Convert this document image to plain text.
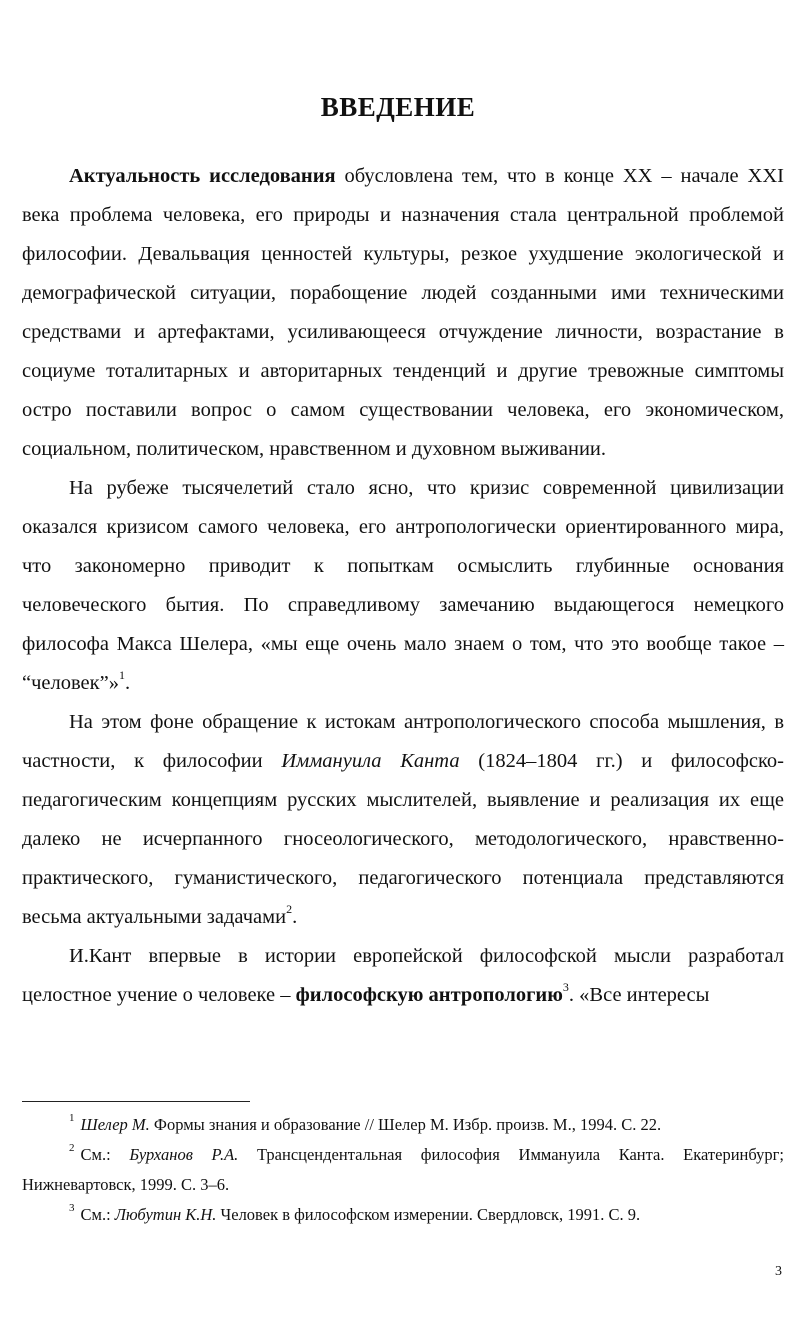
ВВЕДЕНИЕ

Актуальность исследования обусловлена тем, что в конце XX – начале XXI века проблема человека, его природы и назначения стала центральной проблемой философии. Девальвация ценностей культуры, резкое ухудшение экологической и демографической ситуации, порабощение людей созданными ими техническими средствами и артефактами, усиливающееся отчуждение личности, возрастание в социуме тоталитарных и авторитарных тенденций и другие тревожные симптомы остро поставили вопрос о самом существовании человека, его экономическом, социальном, политическом, нравственном и духовном выживании.

На рубеже тысячелетий стало ясно, что кризис современной цивилизации оказался кризисом самого человека, его антропологически ориентированного мира, что закономерно приводит к попыткам осмыслить глубинные основания человеческого бытия. По справедливому замечанию выдающегося немецкого философа Макса Шелера, «мы еще очень мало знаем о том, что это вообще такое – “человек”»$^1$.

На этом фоне обращение к истокам антропологического способа мышления, в частности, к философии Иммануила Канта (1824–1804 гг.) и философско-педагогическим концепциям русских мыслителей, выявление и реализация их еще далеко не исчерпанного гносеологического, методологического, нравственно-практического, гуманистического, педагогического потенциала представляются весьма актуальными задачами$^2$.

И.Кант впервые в истории европейской философской мысли разработал целостное учение о человеке – философскую антропологию$^3$. «Все интересы

$^1$ Шелер М. Формы знания и образование // Шелер М. Избр. произв. М., 1994. С. 22.

$^2$ См.: Бурханов Р.А. Трансцендентальная философия Иммануила Канта. Екатеринбург; Нижневартовск, 1999. С. 3–6.

$^3$ См.: Любутин К.Н. Человек в философском измерении. Свердловск, 1991. С. 9.

3
